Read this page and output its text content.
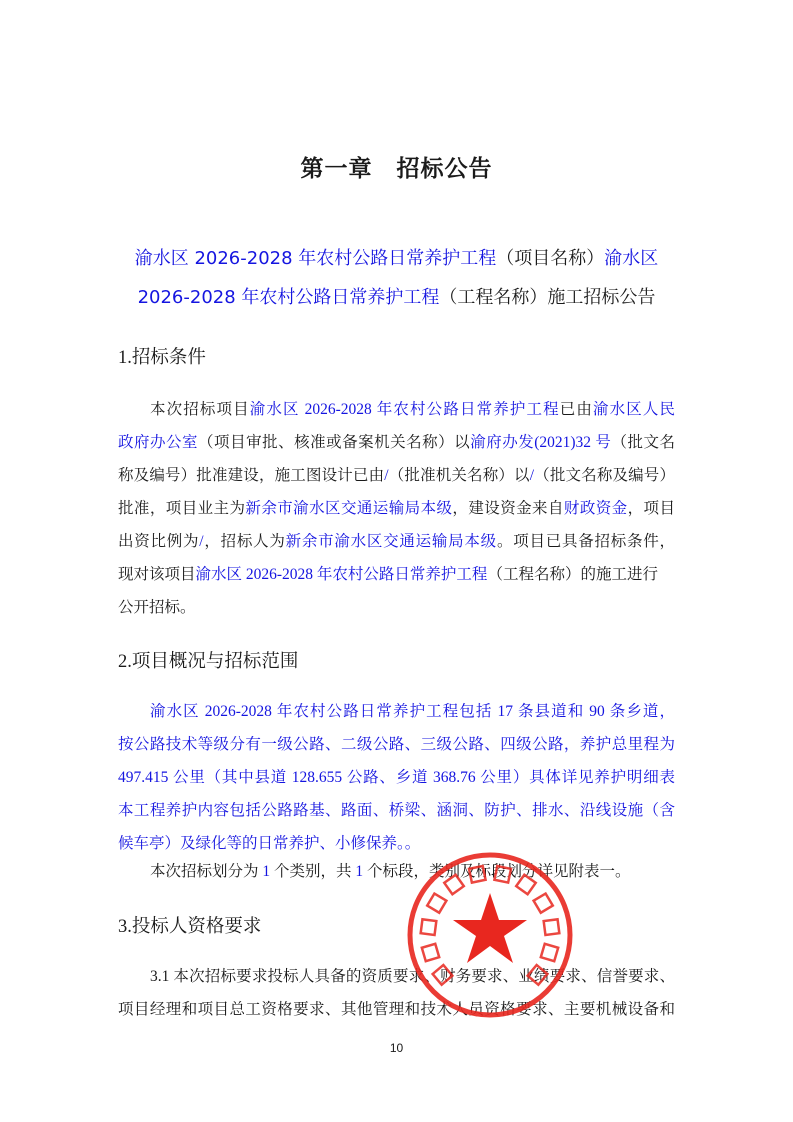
第一章　招标公告
渝水区 2026-2028 年农村公路日常养护工程（项目名称）渝水区
2026-2028 年农村公路日常养护工程（工程名称）施工招标公告
1.招标条件
本次招标项目渝水区 2026-2028 年农村公路日常养护工程已由渝水区人民
政府办公室（项目审批、核准或备案机关名称）以渝府办发(2021)32 号（批文名
称及编号）批准建设，施工图设计已由/（批准机关名称）以/（批文名称及编号）
批准，项目业主为新余市渝水区交通运输局本级，建设资金来自财政资金，项目
出资比例为/，招标人为新余市渝水区交通运输局本级。项目已具备招标条件，
现对该项目渝水区 2026-2028 年农村公路日常养护工程（工程名称）的施工进行
公开招标。
2.项目概况与招标范围
渝水区 2026-2028 年农村公路日常养护工程包括 17 条县道和 90 条乡道，
按公路技术等级分有一级公路、二级公路、三级公路、四级公路，养护总里程为
497.415 公里（其中县道 128.655 公路、乡道 368.76 公里）具体详见养护明细表
本工程养护内容包括公路路基、路面、桥梁、涵洞、防护、排水、沿线设施（含
候车亭）及绿化等的日常养护、小修保养。。
本次招标划分为 1 个类别，共 1 个标段，类别及标段划分详见附表一。
3.投标人资格要求
3.1 本次招标要求投标人具备的资质要求、财务要求、业绩要求、信誉要求、
项目经理和项目总工资格要求、其他管理和技术人员资格要求、主要机械设备和
10
